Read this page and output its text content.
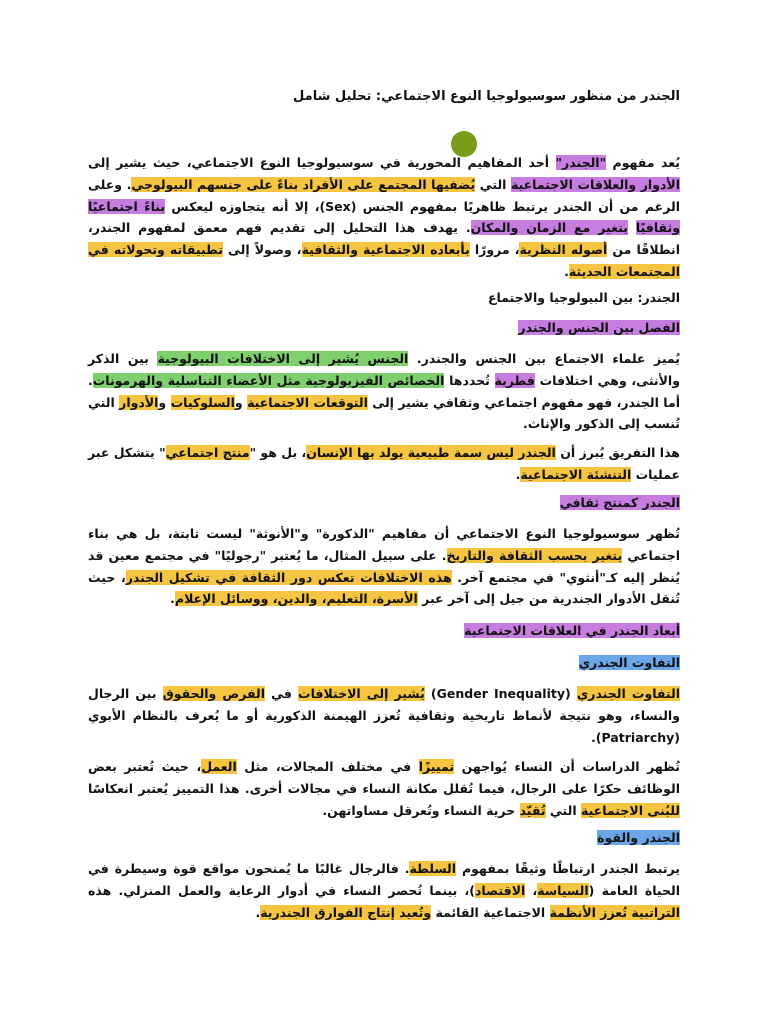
الجندر من منظور سوسيولوجيا النوع الاجتماعي: تحليل شامل
يُعد مفهوم "الجندر" أحد المفاهيم المحورية في سوسيولوجيا النوع الاجتماعي، حيث يشير إلى الأدوار والعلاقات الاجتماعية التي يُضفيها المجتمع على الأفراد بناءً على جنسهم البيولوجي. وعلى الرغم من أن الجندر يرتبط ظاهريًا بمفهوم الجنس (Sex)، إلا أنه يتجاوزه ليعكس بناءً اجتماعيًا وثقافيًا يتغير مع الزمان والمكان. يهدف هذا التحليل إلى تقديم فهم معمق لمفهوم الجندر، انطلاقًا من أصوله النظرية، مرورًا بأبعاده الاجتماعية والثقافية، وصولاً إلى تطبيقاته وتحولاته في المجتمعات الحديثة.
الجندر: بين البيولوجيا والاجتماع
الفصل بين الجنس والجندر
يُميز علماء الاجتماع بين الجنس والجندر. الجنس يُشير إلى الاختلافات البيولوجية بين الذكر والأنثى، وهي اختلافات فطرية تُحددها الخصائص الفيزيولوجية مثل الأعضاء التناسلية والهرمونات. أما الجندر، فهو مفهوم اجتماعي وثقافي يشير إلى التوقعات الاجتماعية والسلوكيات والأدوار التي تُنسب إلى الذكور والإناث.
هذا التفريق يُبرز أن الجندر ليس سمة طبيعية يولد بها الإنسان، بل هو "منتج اجتماعي" يتشكل عبر عمليات التنشئة الاجتماعية.
الجندر كمنتج ثقافي
تُظهر سوسيولوجيا النوع الاجتماعي أن مفاهيم "الذكورة" و"الأنوثة" ليست ثابتة، بل هي بناء اجتماعي يتغير بحسب الثقافة والتاريخ. على سبيل المثال، ما يُعتبر "رجوليًا" في مجتمع معين قد يُنظر إليه كـ"أنثوي" في مجتمع آخر. هذه الاختلافات تعكس دور الثقافة في تشكيل الجندر، حيث تُنقل الأدوار الجندرية من جيل إلى آخر عبر الأسرة، التعليم، والدين، ووسائل الإعلام.
أبعاد الجندر في العلاقات الاجتماعية
التفاوت الجندري
التفاوت الجندري (Gender Inequality) يُشير إلى الاختلافات في الفرص والحقوق بين الرجال والنساء، وهو نتيجة لأنماط تاريخية وثقافية تُعزز الهيمنة الذكورية أو ما يُعرف بالنظام الأبوي (Patriarchy).
تُظهر الدراسات أن النساء يُواجهن تمييزًا في مختلف المجالات، مثل العمل، حيث تُعتبر بعض الوظائف حكرًا على الرجال، فيما تُقلل مكانة النساء في مجالات أخرى. هذا التمييز يُعتبر انعكاسًا للبُنى الاجتماعية التي تُقيّد حرية النساء وتُعرقل مساواتهن.
الجندر والقوة
يرتبط الجندر ارتباطًا وثيقًا بمفهوم السلطة. فالرجال غالبًا ما يُمنحون مواقع قوة وسيطرة في الحياة العامة (السياسة، الاقتصاد)، بينما تُحصر النساء في أدوار الرعاية والعمل المنزلي. هذه التراتبية تُعزز الأنظمة الاجتماعية القائمة وتُعيد إنتاج الفوارق الجندرية.
